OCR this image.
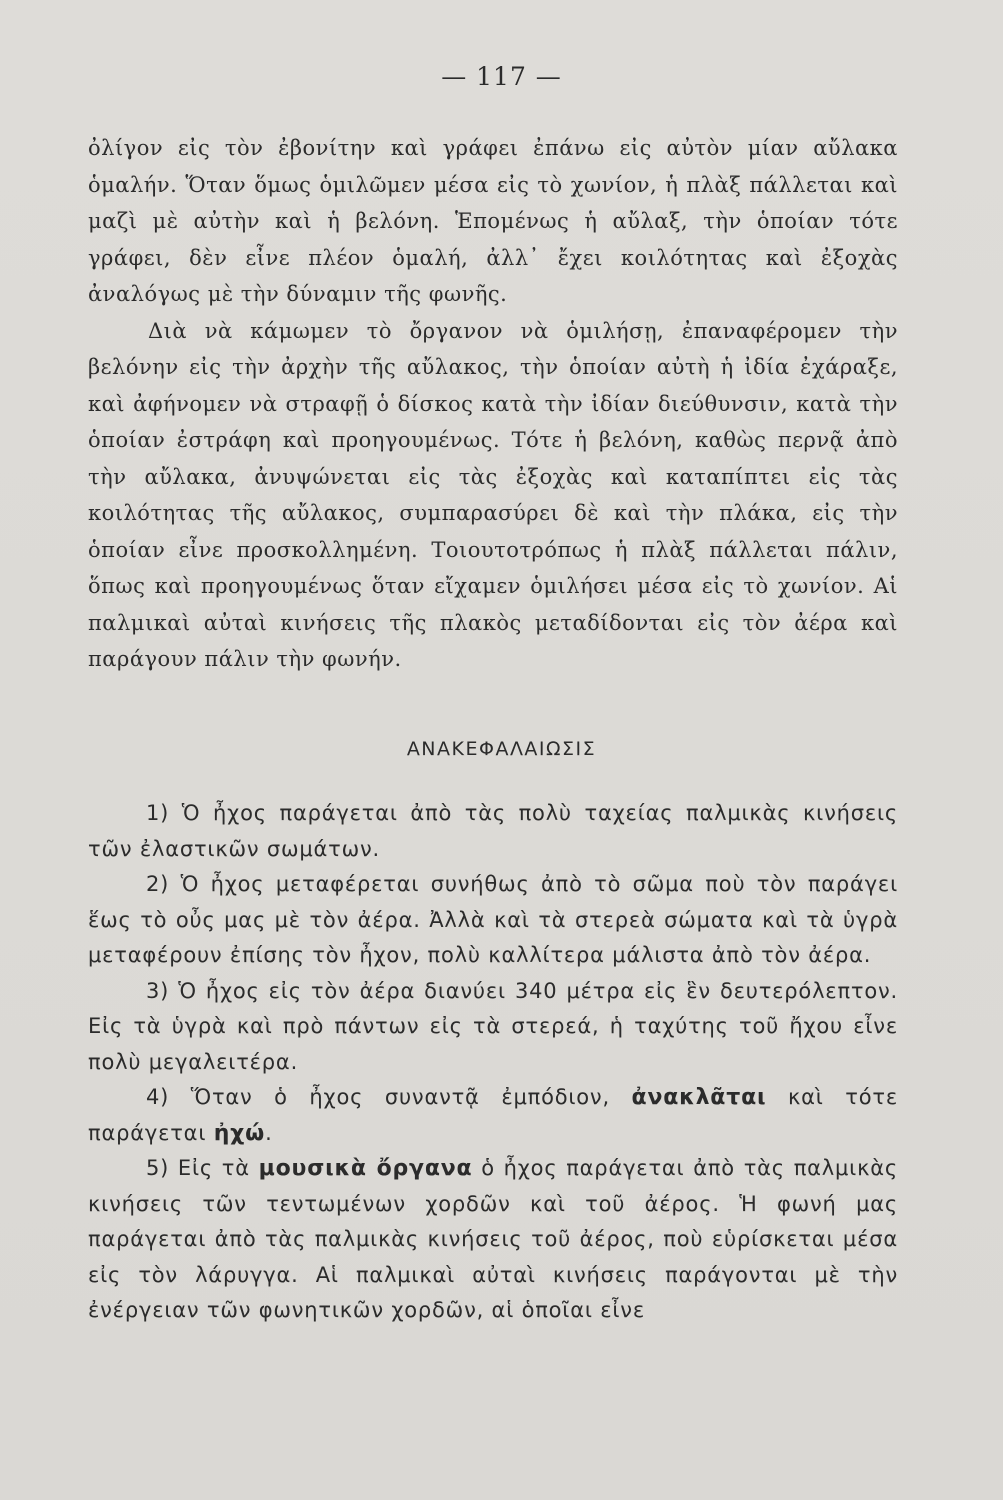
— 117 —

ὀλίγον εἰς τὸν ἐβονίτην καὶ γράφει ἐπάνω εἰς αὐτὸν μίαν αὔλακα ὁμαλήν. Ὅταν ὅμως ὁμιλῶμεν μέσα εἰς τὸ χωνίον, ἡ πλὰξ πάλλεται καὶ μαζὶ μὲ αὐτὴν καὶ ἡ βελόνη. Ἑπομένως ἡ αὔλαξ, τὴν ὁποίαν τότε γράφει, δὲν εἶνε πλέον ὁμαλή, ἀλλ᾽ ἔχει κοιλότητας καὶ ἐξοχὰς ἀναλόγως μὲ τὴν δύναμιν τῆς φωνῆς.

Διὰ νὰ κάμωμεν τὸ ὄργανον νὰ ὁμιλήσῃ, ἐπαναφέρομεν τὴν βελόνην εἰς τὴν ἀρχὴν τῆς αὔλακος, τὴν ὁποίαν αὐτὴ ἡ ἰδία ἐχάραξε, καὶ ἀφήνομεν νὰ στραφῇ ὁ δίσκος κατὰ τὴν ἰδίαν διεύθυνσιν, κατὰ τὴν ὁποίαν ἐστράφη καὶ προηγουμένως. Τότε ἡ βελόνη, καθὼς περνᾷ ἀπὸ τὴν αὔλακα, ἀνυψώνεται εἰς τὰς ἐξοχὰς καὶ καταπίπτει εἰς τὰς κοιλότητας τῆς αὔλακος, συμπαρασύρει δὲ καὶ τὴν πλάκα, εἰς τὴν ὁποίαν εἶνε προσκολλημένη. Τοιουτοτρόπως ἡ πλὰξ πάλλεται πάλιν, ὅπως καὶ προηγουμένως ὅταν εἴχαμεν ὁμιλήσει μέσα εἰς τὸ χωνίον. Αἱ παλμικαὶ αὐταὶ κινήσεις τῆς πλακὸς μεταδίδονται εἰς τὸν ἀέρα καὶ παράγουν πάλιν τὴν φωνήν.

ΑΝΑΚΕΦΑΛΑΙΩΣΙΣ

1) Ὁ ἦχος παράγεται ἀπὸ τὰς πολὺ ταχείας παλμικὰς κινήσεις τῶν ἐλαστικῶν σωμάτων.

2) Ὁ ἦχος μεταφέρεται συνήθως ἀπὸ τὸ σῶμα ποὺ τὸν παράγει ἕως τὸ οὖς μας μὲ τὸν ἀέρα. Ἀλλὰ καὶ τὰ στερεὰ σώματα καὶ τὰ ὑγρὰ μεταφέρουν ἐπίσης τὸν ἦχον, πολὺ καλλίτερα μάλιστα ἀπὸ τὸν ἀέρα.

3) Ὁ ἦχος εἰς τὸν ἀέρα διανύει 340 μέτρα εἰς ἓν δευτερόλεπτον. Εἰς τὰ ὑγρὰ καὶ πρὸ πάντων εἰς τὰ στερεά, ἡ ταχύτης τοῦ ἤχου εἶνε πολὺ μεγαλειτέρα.

4) Ὅταν ὁ ἦχος συναντᾷ ἐμπόδιον, ἀνακλᾶται καὶ τότε παράγεται ἠχώ.

5) Εἰς τὰ μουσικὰ ὄργανα ὁ ἦχος παράγεται ἀπὸ τὰς παλμικὰς κινήσεις τῶν τεντωμένων χορδῶν καὶ τοῦ ἀέρος. Ἡ φωνή μας παράγεται ἀπὸ τὰς παλμικὰς κινήσεις τοῦ ἀέρος, ποὺ εὑρίσκεται μέσα εἰς τὸν λάρυγγα. Αἱ παλμικαὶ αὐταὶ κινήσεις παράγονται μὲ τὴν ἐνέργειαν τῶν φωνητικῶν χορδῶν, αἱ ὁποῖαι εἶνε
